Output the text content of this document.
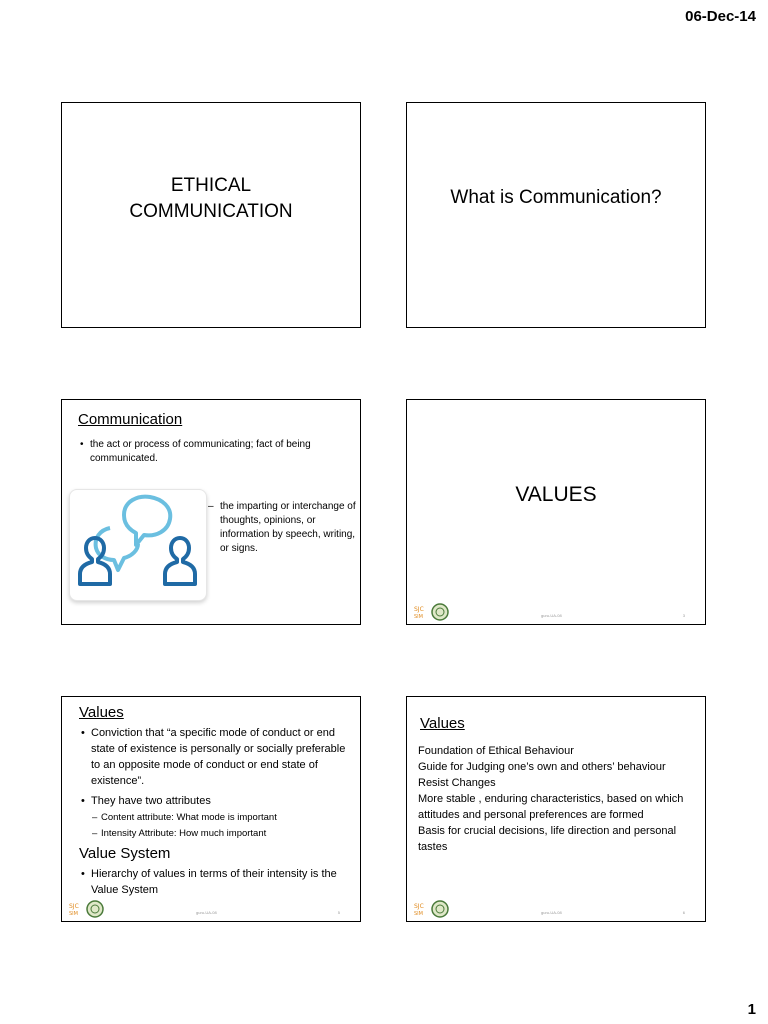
06-Dec-14
ETHICAL
COMMUNICATION
What is Communication?
Communication
• the act or process of communicating; fact of being communicated.
– the imparting or interchange of thoughts, opinions, or information by speech, writing, or signs.
VALUES
SJC
SIM	guru-UA-08	3
Values
• Conviction that “a specific mode of conduct or end state of existence is personally or socially preferable to an opposite mode of conduct or end state of existence”.
• They have two attributes
– Content attribute: What mode is important
– Intensity Attribute: How much important
Value System
• Hierarchy of values in terms of their intensity is the Value System
SJC
SIM	guru-UA-08	5
Values
Foundation of Ethical Behaviour
Guide for Judging one’s own and others’ behaviour
Resist Changes
More stable , enduring characteristics, based on which attitudes and personal preferences are formed
Basis for crucial decisions, life direction and personal tastes
SJC
SIM	guru-UA-08	6
1
